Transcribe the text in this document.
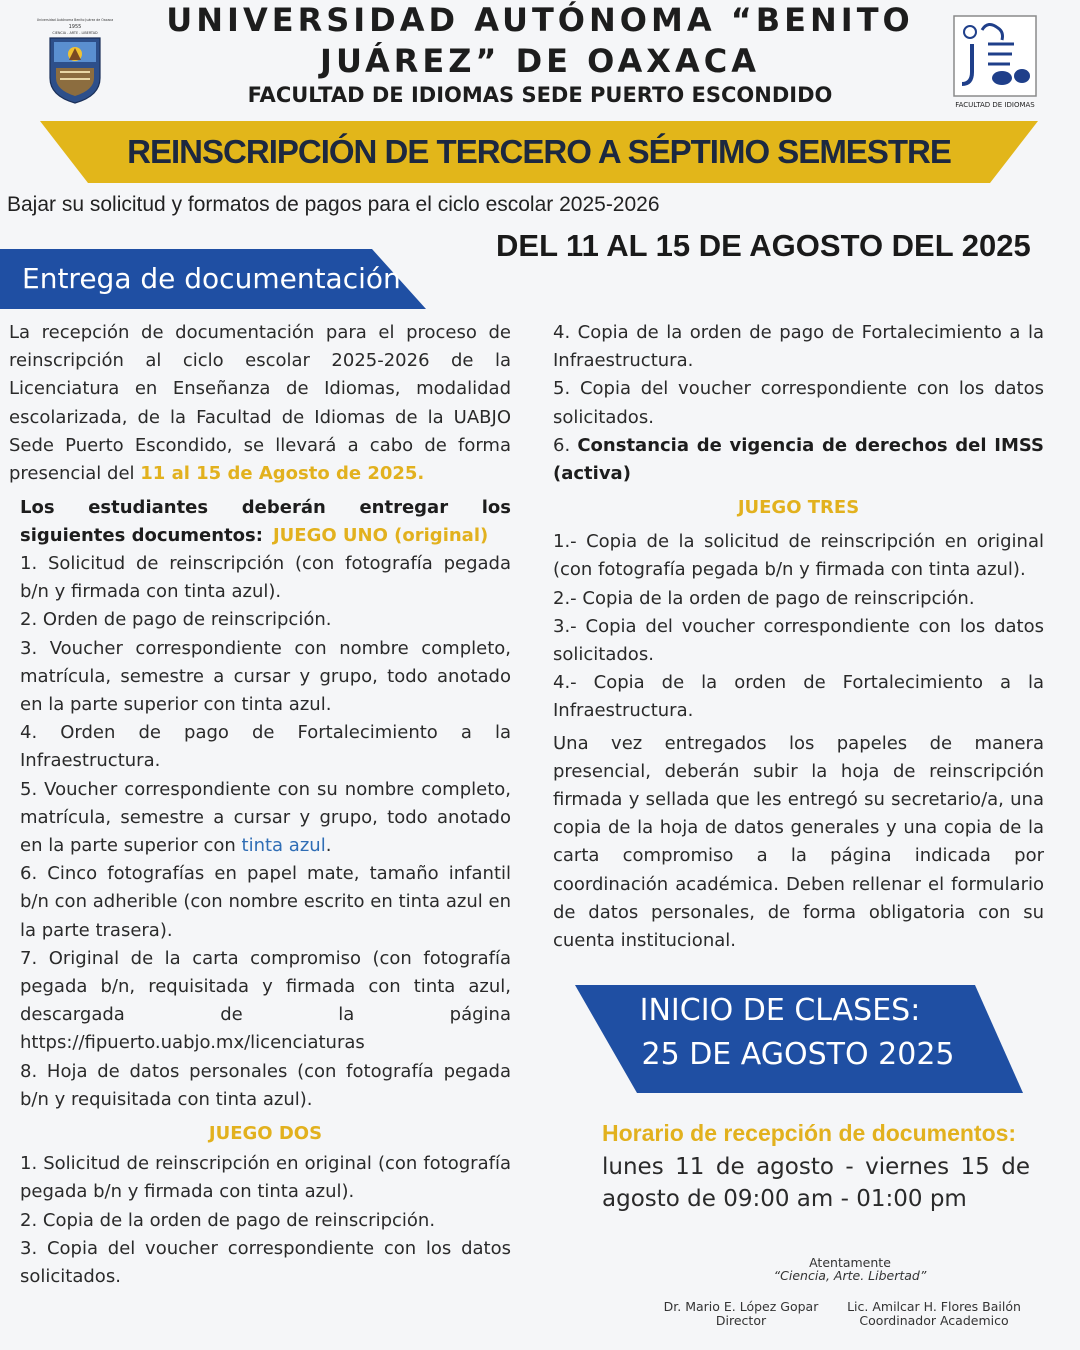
Universidad Autónoma Benito Juárez de Oaxaca
1955
CIENCIA - ARTE - LIBERTAD	UNIVERSIDAD AUTÓNOMA “BENITO JUÁREZ” DE OAXACA
FACULTAD DE IDIOMAS SEDE PUERTO ESCONDIDO	FACULTAD DE IDIOMAS
REINSCRIPCIÓN DE TERCERO A SÉPTIMO SEMESTRE
Bajar su solicitud y formatos de pagos para el ciclo escolar 2025-2026
DEL 11 AL 15 DE AGOSTO DEL 2025
Entrega de documentación

La recepción de documentación para el proceso de reinscripción al ciclo escolar 2025-2026 de la Licenciatura en Enseñanza de Idiomas, modalidad escolarizada, de la Facultad de Idiomas de la UABJO Sede Puerto Escondido, se llevará a cabo de forma presencial del 11 al 15 de Agosto de 2025.

Los estudiantes deberán entregar los siguientes documentos: JUEGO UNO (original)

1. Solicitud de reinscripción (con fotografía pegada b/n y firmada con tinta azul).

2. Orden de pago de reinscripción.

3. Voucher correspondiente con nombre completo, matrícula, semestre a cursar y grupo, todo anotado en la parte superior con tinta azul.

4. Orden de pago de Fortalecimiento a la Infraestructura.

5. Voucher correspondiente con su nombre completo, matrícula, semestre a cursar y grupo, todo anotado en la parte superior con tinta azul.

6. Cinco fotografías en papel mate, tamaño infantil b/n con adherible (con nombre escrito en tinta azul en la parte trasera).

7. Original de la carta compromiso (con fotografía pegada b/n, requisitada y firmada con tinta azul, descargada de la página https://fipuerto.uabjo.mx/licenciaturas

8. Hoja de datos personales (con fotografía pegada b/n y requisitada con tinta azul).

JUEGO DOS

1. Solicitud de reinscripción en original (con fotografía pegada b/n y firmada con tinta azul).

2. Copia de la orden de pago de reinscripción.

3. Copia del voucher correspondiente con los datos solicitados.

4. Copia de la orden de pago de Fortalecimiento a la Infraestructura.

5. Copia del voucher correspondiente con los datos solicitados.

6. Constancia de vigencia de derechos del IMSS (activa)

JUEGO TRES

1.- Copia de la solicitud de reinscripción en original (con fotografía pegada b/n y firmada con tinta azul).

2.- Copia de la orden de pago de reinscripción.

3.- Copia del voucher correspondiente con los datos solicitados.

4.- Copia de la orden de Fortalecimiento a la Infraestructura.

Una vez entregados los papeles de manera presencial, deberán subir la hoja de reinscripción firmada y sellada que les entregó su secretario/a, una copia de la hoja de datos generales y una copia de la carta compromiso a la página indicada por coordinación académica. Deben rellenar el formulario de datos personales, de forma obligatoria con su cuenta institucional.

INICIO DE CLASES:
25 DE AGOSTO 2025
Horario de recepción de documentos:
lunes 11 de agosto - viernes 15 de agosto de 09:00 am - 01:00 pm
Atentamente
“Ciencia, Arte. Libertad”
Dr. Mario E. López Gopar
Director
Lic. Amilcar H. Flores Bailón
Coordinador Academico
